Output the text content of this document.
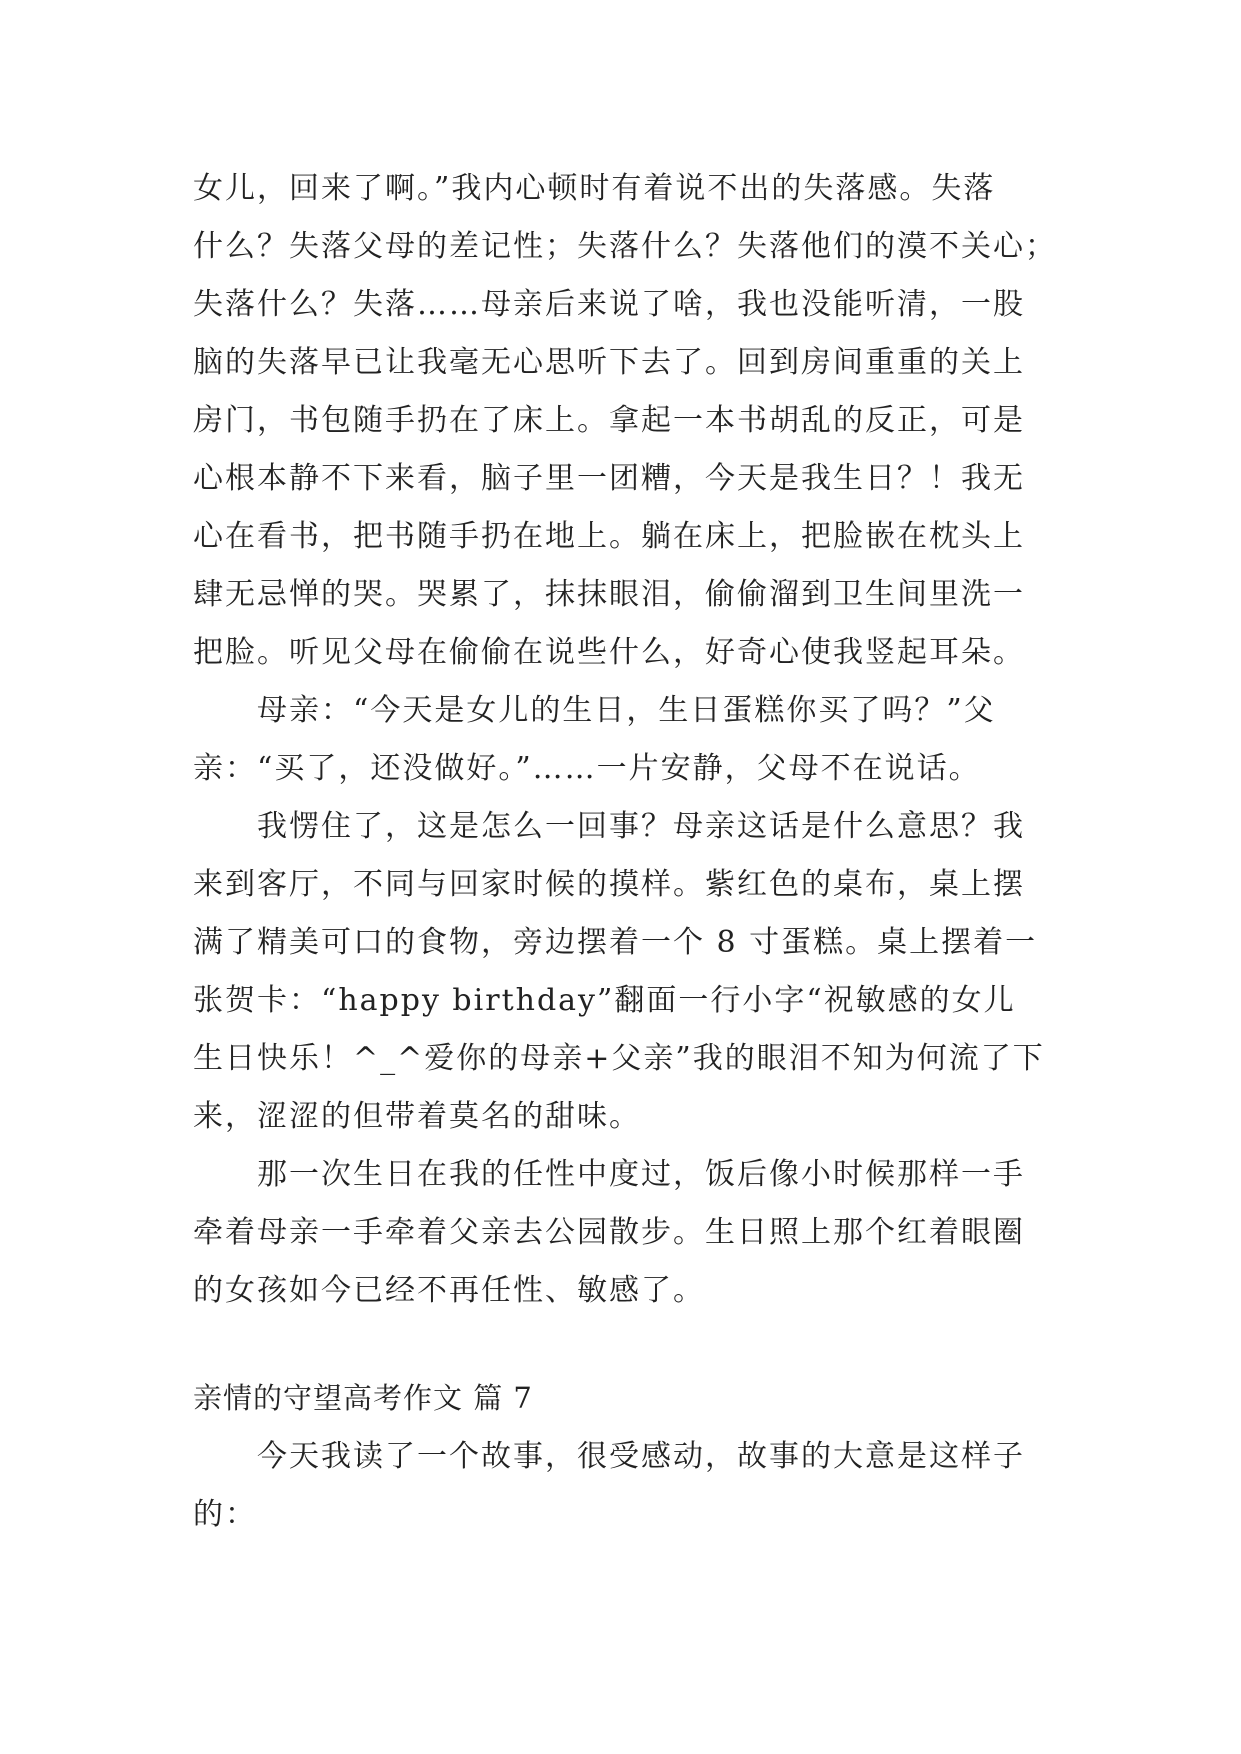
女儿，回来了啊。”我内心顿时有着说不出的失落感。失落
什么？失落父母的差记性；失落什么？失落他们的漠不关心；
失落什么？失落……母亲后来说了啥，我也没能听清，一股
脑的失落早已让我毫无心思听下去了。回到房间重重的关上
房门，书包随手扔在了床上。拿起一本书胡乱的反正，可是
心根本静不下来看，脑子里一团糟，今天是我生日？！我无
心在看书，把书随手扔在地上。躺在床上，把脸嵌在枕头上
肆无忌惮的哭。哭累了，抹抹眼泪，偷偷溜到卫生间里洗一
把脸。听见父母在偷偷在说些什么，好奇心使我竖起耳朵。
　　母亲：“今天是女儿的生日，生日蛋糕你买了吗？”父
亲：“买了，还没做好。”……一片安静，父母不在说话。
　　我愣住了，这是怎么一回事？母亲这话是什么意思？我
来到客厅，不同与回家时候的摸样。紫红色的桌布，桌上摆
满了精美可口的食物，旁边摆着一个 8 寸蛋糕。桌上摆着一
张贺卡：“happy birthday”翻面一行小字“祝敏感的女儿
生日快乐！^_^爱你的母亲+父亲”我的眼泪不知为何流了下
来，涩涩的但带着莫名的甜味。
　　那一次生日在我的任性中度过，饭后像小时候那样一手
牵着母亲一手牵着父亲去公园散步。生日照上那个红着眼圈
的女孩如今已经不再任性、敏感了。
亲情的守望高考作文 篇 7
　　今天我读了一个故事，很受感动，故事的大意是这样子
的：
